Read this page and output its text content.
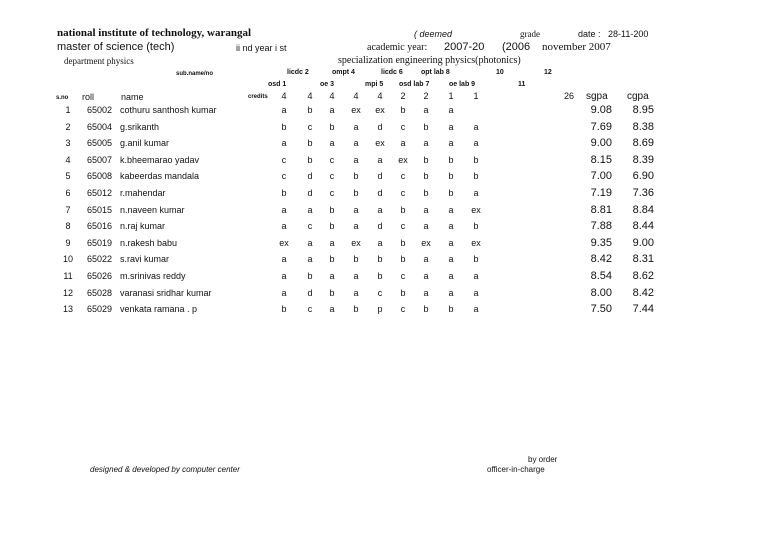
national institute of technology, warangal	( deemed	grade	date : 28-11-200
master of science (tech)	ii nd year i st	academic year: 2007-20 (2006 november 2007
department physics	specialization engineering physics(photonics)
sub.name/no	licdc 2	ompt 4	licdc 6	opt lab 8	10	12
osd 1	oe 3	mpi 5 osd lab 7	oe lab 9	11
credits 4 4 4 4 4 2 2 1 1	26
s.no roll	name	sgpa cgpa
1 65002 cothuru santhosh kumar	a b a ex ex b a a	9.08 8.95
2 65004 g.srikanth	b c b a d c b a a	7.69 8.38
3 65005 g.anil kumar	a b a a ex a a a a	9.00 8.69
4 65007 k.bheemarao yadav	c b c a a ex b b b	8.15 8.39
5 65008 kabeerdas mandala	c d c b d c b b b	7.00 6.90
6 65012 r.mahendar	b d c b d c b b a	7.19 7.36
7 65015 n.naveen kumar	a a b a a b a a ex	8.81 8.84
8 65016 n.raj kumar	a c b a d c a a b	7.88 8.44
9 65019 n.rakesh babu	ex a a ex a b ex a ex	9.35 9.00
10 65022 s.ravi kumar	a a b b b b a a b	8.42 8.31
11 65026 m.srinivas reddy	a b a a b c a a a	8.54 8.62
12 65028 varanasi sridhar kumar	a d b a c b a a a	8.00 8.42
13 65029 venkata ramana . p	b c a b p c b b a	7.50 7.44
designed & developed by computer center
by order
officer-in-charge
